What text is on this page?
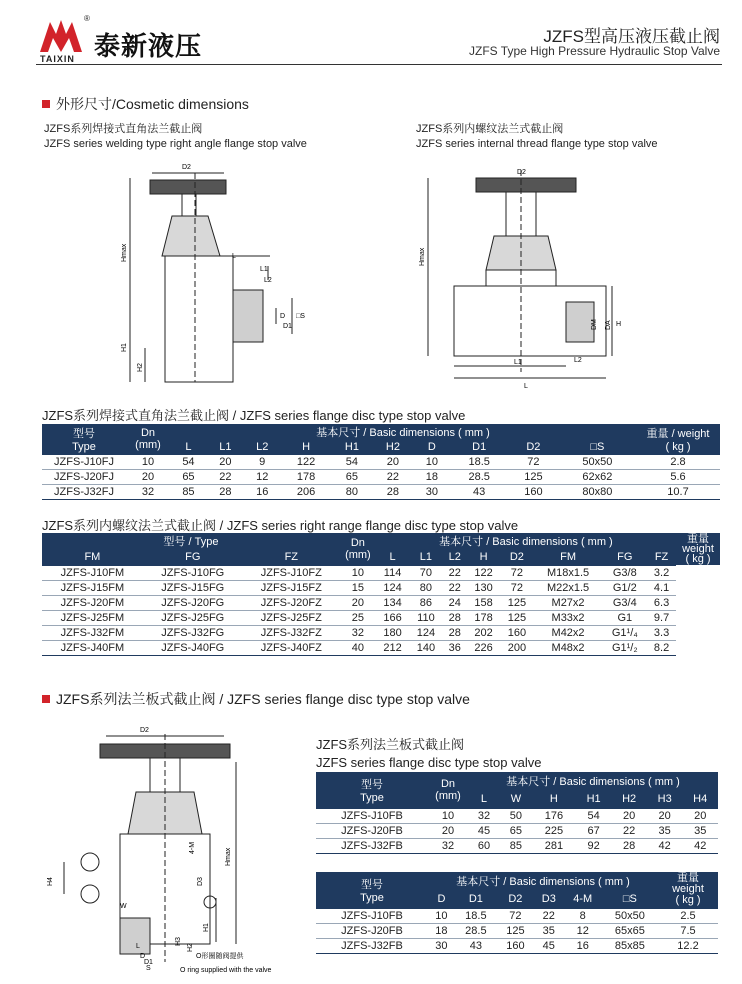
®
泰新液压
TAIXIN
JZFS型高压液压截止阀
JZFS Type High Pressure Hydraulic Stop Valve
外形尺寸/Cosmetic dimensions
JZFS系列焊接式直角法兰截止阀
JZFS series welding type right angle flange stop valve
JZFS系列内螺纹法兰式截止阀
JZFS series internal thread flange type stop valve
D2
Hmax	L
L1
L2
H1
H2
D
D1
□S
D2
Hmax
DM DA
L1
L
L2
H
JZFS系列焊接式直角法兰截止阀 / JZFS series flange disc type stop valve
型号
Type	Dn
(mm)	基本尺寸 / Basic dimensions ( mm )										重量 / weight
( kg )
		L	L1	L2	H	H1	H2	D	D1	D2	□S	
JZFS-J10FJ	10	54	20	9	122	54	20	10	18.5	72	50x50	2.8
JZFS-J20FJ	20	65	22	12	178	65	22	18	28.5	125	62x62	5.6
JZFS-J32FJ	32	85	28	16	206	80	28	30	43	160	80x80	10.7
JZFS系列内螺纹法兰式截止阀 / JZFS series right range flange disc type stop valve
型号 / Type			Dn
(mm)	基本尺寸 / Basic dimensions ( mm )								重量
weight
( kg )
FM	FG	FZ		L	L1	L2	H	D2	FM	FG	FZ	
JZFS-J10FM	JZFS-J10FG	JZFS-J10FZ	10	114	70	22	122	72	M18x1.5	G3/8	3.2	
JZFS-J15FM	JZFS-J15FG	JZFS-J15FZ	15	124	80	22	130	72	M22x1.5	G1/2	4.1	
JZFS-J20FM	JZFS-J20FG	JZFS-J20FZ	20	134	86	24	158	125	M27x2	G3/4	6.3	
JZFS-J25FM	JZFS-J25FG	JZFS-J25FZ	25	166	110	28	178	125	M33x2	G1	9.7	
JZFS-J32FM	JZFS-J32FG	JZFS-J32FZ	32	180	124	28	202	160	M42x2	G1¹/₄	3.3	
JZFS-J40FM	JZFS-J40FG	JZFS-J40FZ	40	212	140	36	226	200	M48x2	G1¹/₂	8.2	
JZFS系列法兰板式截止阀 / JZFS series flange disc type stop valve
D2
Hmax
4-M
H4
W
D3
H1
H3
H2
L
D
D1
S
O形圈随阀提供
O ring supplied with the valve
JZFS系列法兰板式截止阀
JZFS series flange disc type stop valve
型号
Type	Dn
(mm)	基本尺寸 / Basic dimensions ( mm )						
		L	W	H	H1	H2	H3	H4
JZFS-J10FB	10	32	50	176	54	20	20	20
JZFS-J20FB	20	45	65	225	67	22	35	35
JZFS-J32FB	32	60	85	281	92	28	42	42
型号
Type	基本尺寸 / Basic dimensions ( mm )						重量
weight
( kg )
	D	D1	D2	D3	4-M	□S	
JZFS-J10FB	10	18.5	72	22	8	50x50	2.5
JZFS-J20FB	18	28.5	125	35	12	65x65	7.5
JZFS-J32FB	30	43	160	45	16	85x85	12.2
